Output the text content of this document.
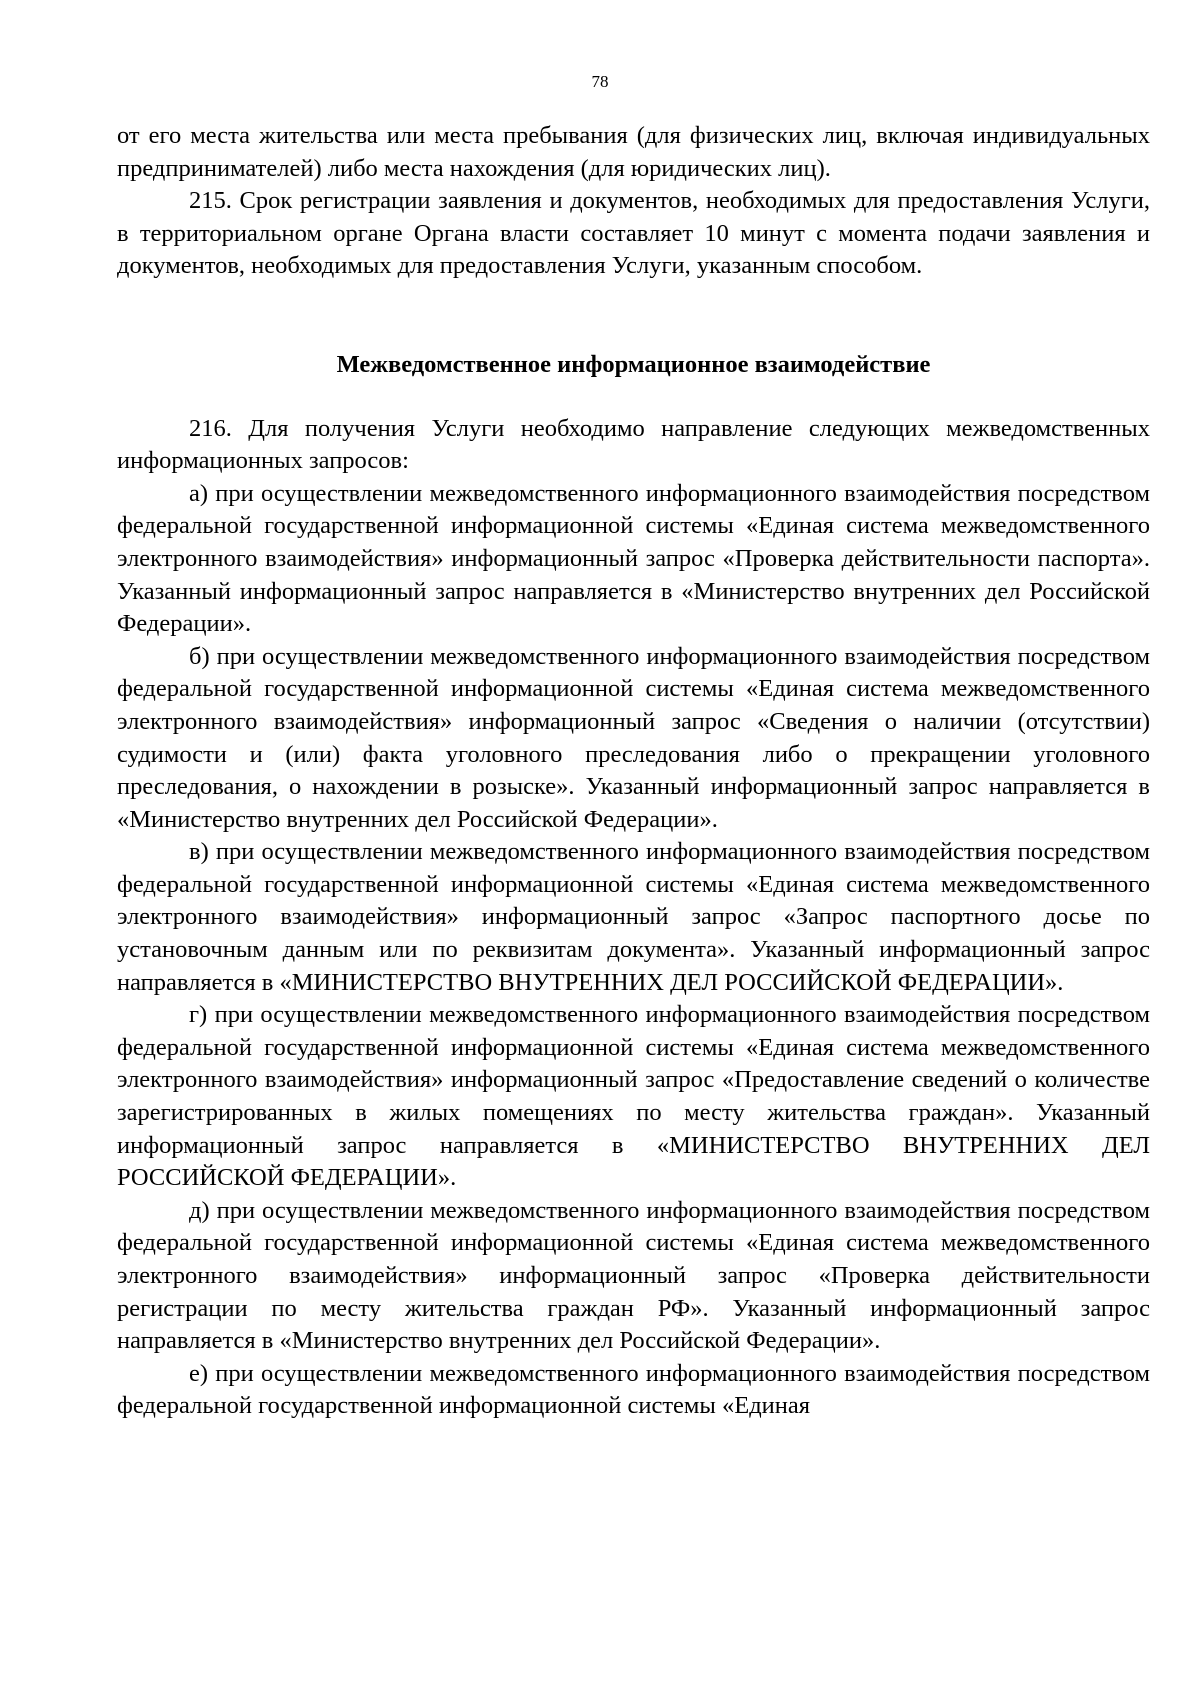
78

от его места жительства или места пребывания (для физических лиц, включая индивидуальных предпринимателей) либо места нахождения (для юридических лиц).

215. Срок регистрации заявления и документов, необходимых для предоставления Услуги, в территориальном органе Органа власти составляет 10 минут с момента подачи заявления и документов, необходимых для предоставления Услуги, указанным способом.

Межведомственное информационное взаимодействие

216. Для получения Услуги необходимо направление следующих межведомственных информационных запросов:

а) при осуществлении межведомственного информационного взаимодействия посредством федеральной государственной информационной системы «Единая система межведомственного электронного взаимодействия» информационный запрос «Проверка действительности паспорта». Указанный информационный запрос направляется в «Министерство внутренних дел Российской Федерации».

б) при осуществлении межведомственного информационного взаимодействия посредством федеральной государственной информационной системы «Единая система межведомственного электронного взаимодействия» информационный запрос «Сведения о наличии (отсутствии) судимости и (или) факта уголовного преследования либо о прекращении уголовного преследования, о нахождении в розыске». Указанный информационный запрос направляется в «Министерство внутренних дел Российской Федерации».

в) при осуществлении межведомственного информационного взаимодействия посредством федеральной государственной информационной системы «Единая система межведомственного электронного взаимодействия» информационный запрос «Запрос паспортного досье по установочным данным или по реквизитам документа». Указанный информационный запрос направляется в «МИНИСТЕРСТВО ВНУТРЕННИХ ДЕЛ РОССИЙСКОЙ ФЕДЕРАЦИИ».

г) при осуществлении межведомственного информационного взаимодействия посредством федеральной государственной информационной системы «Единая система межведомственного электронного взаимодействия» информационный запрос «Предоставление сведений о количестве зарегистрированных в жилых помещениях по месту жительства граждан». Указанный информационный запрос направляется в «МИНИСТЕРСТВО ВНУТРЕННИХ ДЕЛ РОССИЙСКОЙ ФЕДЕРАЦИИ».

д) при осуществлении межведомственного информационного взаимодействия посредством федеральной государственной информационной системы «Единая система межведомственного электронного взаимодействия» информационный запрос «Проверка действительности регистрации по месту жительства граждан РФ». Указанный информационный запрос направляется в «Министерство внутренних дел Российской Федерации».

е) при осуществлении межведомственного информационного взаимодействия посредством федеральной государственной информационной системы «Единая
